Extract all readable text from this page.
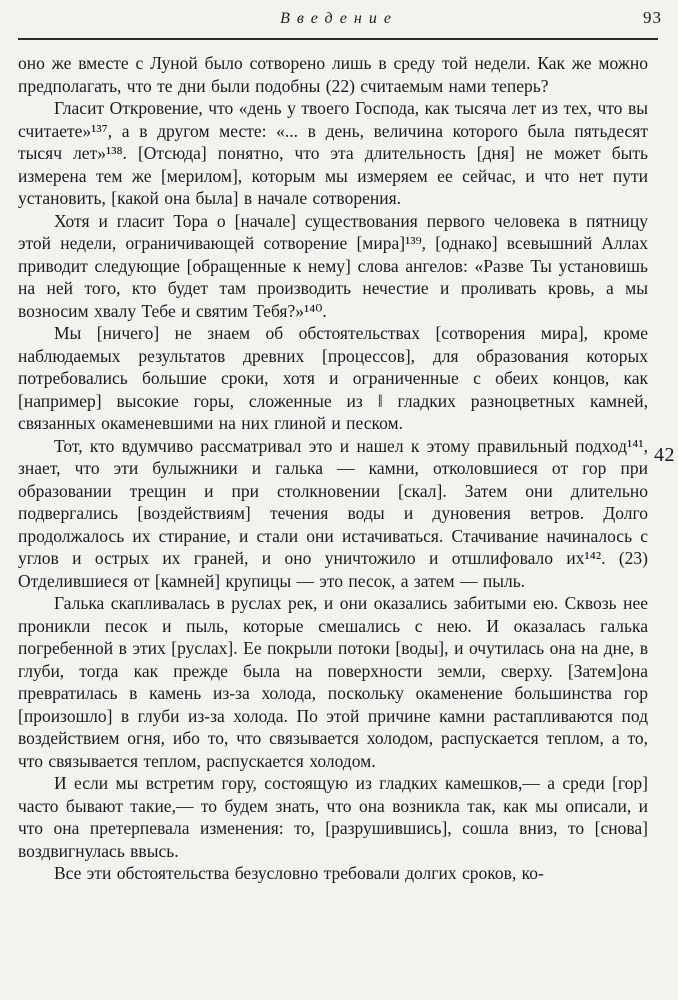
Введение	93

оно же вместе с Луной было сотворено лишь в среду той недели. Как же можно предполагать, что те дни были подобны (22) считаемым нами теперь?

Гласит Откровение, что «день у твоего Господа, как тысяча лет из тех, что вы считаете»¹³⁷, а в другом месте: «... в день, величина которого была пятьдесят тысяч лет»¹³⁸. [Отсюда] понятно, что эта длительность [дня] не может быть измерена тем же [мерилом], которым мы измеряем ее сейчас, и что нет пути установить, [какой она была] в начале сотворения.

Хотя и гласит Тора о [начале] существования первого человека в пятницу этой недели, ограничивающей сотворение [мира]¹³⁹, [однако] всевышний Аллах приводит следующие [обращенные к нему] слова ангелов: «Разве Ты установишь на ней того, кто будет там производить нечестие и проливать кровь, а мы возносим хвалу Тебе и святим Тебя?»¹⁴⁰.

Мы [ничего] не знаем об обстоятельствах [сотворения мира], кроме наблюдаемых результатов древних [процессов], для образования которых потребовались большие сроки, хотя и ограниченные с обеих концов, как [например] высокие горы, сложенные из ‖ гладких разноцветных камней, связанных окаменевшими на них глиной и песком.

Тот, кто вдумчиво рассматривал это и нашел к этому правильный подход¹⁴¹, знает, что эти булыжники и галька — камни, отколовшиеся от гор при образовании трещин и при столкновении [скал]. Затем они длительно подвергались [воздействиям] течения воды и дуновения ветров. Долго продолжалось их стирание, и стали они истачиваться. Стачивание начиналось с углов и острых их граней, и оно уничтожило и отшлифовало их¹⁴². (23) Отделившиеся от [камней] крупицы — это песок, а затем — пыль.

Галька скапливалась в руслах рек, и они оказались забитыми ею. Сквозь нее проникли песок и пыль, которые смешались с нею. И оказалась галька погребенной в этих [руслах]. Ее покрыли потоки [воды], и очутилась она на дне, в глуби, тогда как прежде была на поверхности земли, сверху. [Затем]она превратилась в камень из-за холода, поскольку окаменение большинства гор [произошло] в глуби из-за холода. По этой причине камни растапливаются под воздействием огня, ибо то, что связывается холодом, распускается теплом, а то, что связывается теплом, распускается холодом.

И если мы встретим гору, состоящую из гладких камешков,— а среди [гор] часто бывают такие,— то будем знать, что она возникла так, как мы описали, и что она претерпевала изменения: то, [разрушившись], сошла вниз, то [снова] воздвигнулась ввысь.

Все эти обстоятельства безусловно требовали долгих сроков, ко-

42
